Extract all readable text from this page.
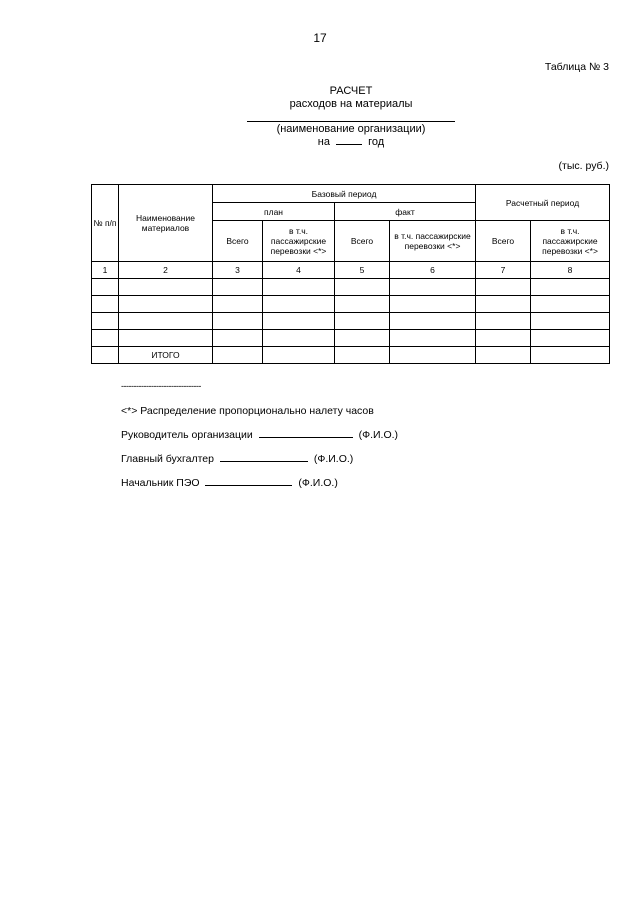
17
Таблица № 3
РАСЧЕТ
расходов на материалы
(наименование организации)
на	год
(тыс. руб.)
№ п/п	Наименование материалов	Базовый период				Расчетный период	
		план		факт			
		Всего	в т.ч. пассажирские перевозки <*>	Всего	в т.ч. пассажирские перевозки <*>	Всего	в т.ч. пассажирские перевозки <*>
1	2	3	4	5	6	7	8

	ИТОГО						
--------------------------------
<*> Распределение пропорционально налету часов
Руководитель организации	(Ф.И.О.)
Главный бухгалтер	(Ф.И.О.)
Начальник ПЭО	(Ф.И.О.)
